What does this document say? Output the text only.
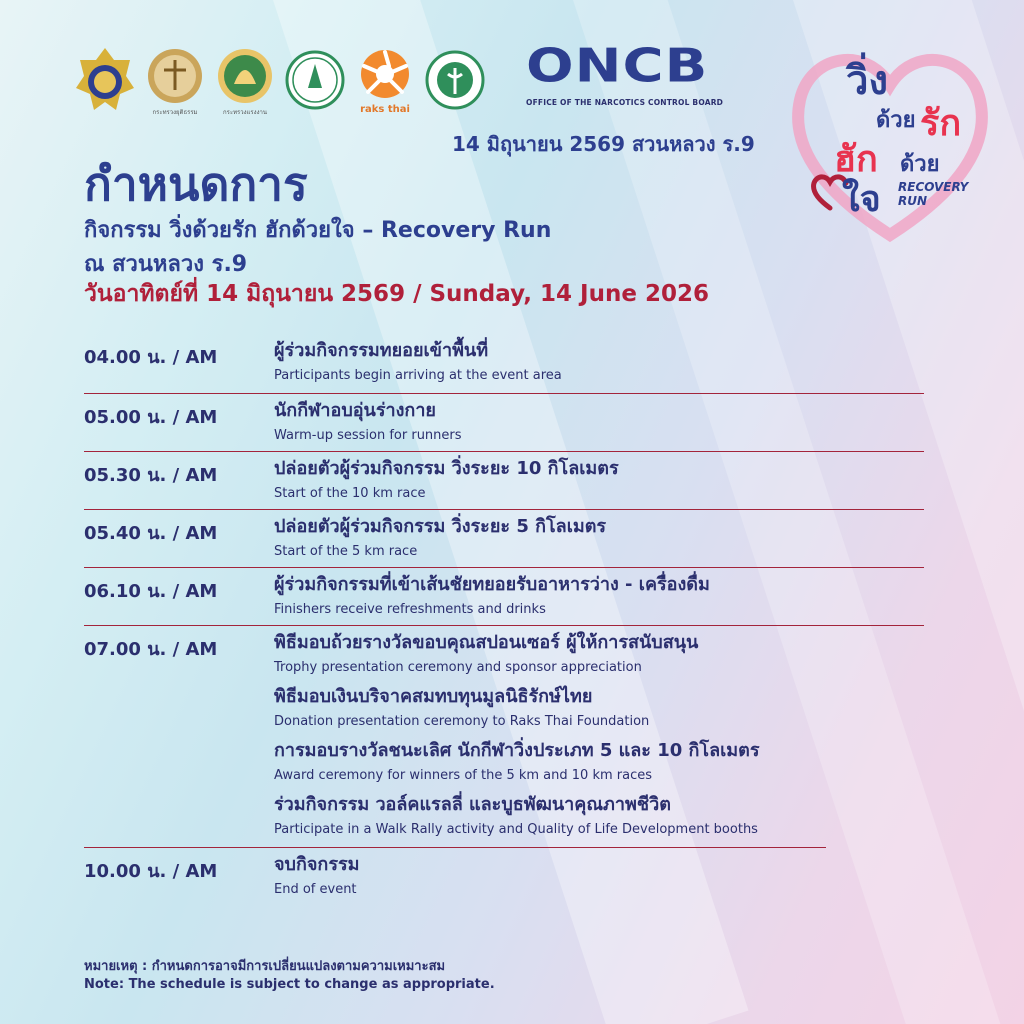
กระทรวงยุติธรรม	กระทรวงแรงงาน	raks thai
ONCB
OFFICE OF THE NARCOTICS CONTROL BOARD
14 มิถุนายน 2569 สวนหลวง ร.9
วิ่ง
ด้วย รัก
ฮัก ด้วย
ใจ RECOVERY
RUN
กำหนดการ
กิจกรรม วิ่งด้วยรัก ฮักด้วยใจ – Recovery Run
ณ สวนหลวง ร.9
วันอาทิตย์ที่ 14 มิถุนายน 2569 / Sunday, 14 June 2026
04.00 น. / AM	ผู้ร่วมกิจกรรมทยอยเข้าพื้นที่
Participants begin arriving at the event area
05.00 น. / AM	นักกีฬาอบอุ่นร่างกาย
Warm-up session for runners
05.30 น. / AM	ปล่อยตัวผู้ร่วมกิจกรรม วิ่งระยะ 10 กิโลเมตร
Start of the 10 km race
05.40 น. / AM	ปล่อยตัวผู้ร่วมกิจกรรม วิ่งระยะ 5 กิโลเมตร
Start of the 5 km race
06.10 น. / AM	ผู้ร่วมกิจกรรมที่เข้าเส้นชัยทยอยรับอาหารว่าง - เครื่องดื่ม
Finishers receive refreshments and drinks
07.00 น. / AM	พิธีมอบถ้วยรางวัลขอบคุณสปอนเซอร์ ผู้ให้การสนับสนุน
Trophy presentation ceremony and sponsor appreciation
พิธีมอบเงินบริจาคสมทบทุนมูลนิธิรักษ์ไทย
Donation presentation ceremony to Raks Thai Foundation
การมอบรางวัลชนะเลิศ นักกีฬาวิ่งประเภท 5 และ 10 กิโลเมตร
Award ceremony for winners of the 5 km and 10 km races
ร่วมกิจกรรม วอล์คแรลลี่ และบูธพัฒนาคุณภาพชีวิต
Participate in a Walk Rally activity and Quality of Life Development booths
10.00 น. / AM	จบกิจกรรม
End of event
หมายเหตุ : กำหนดการอาจมีการเปลี่ยนแปลงตามความเหมาะสม
Note: The schedule is subject to change as appropriate.
